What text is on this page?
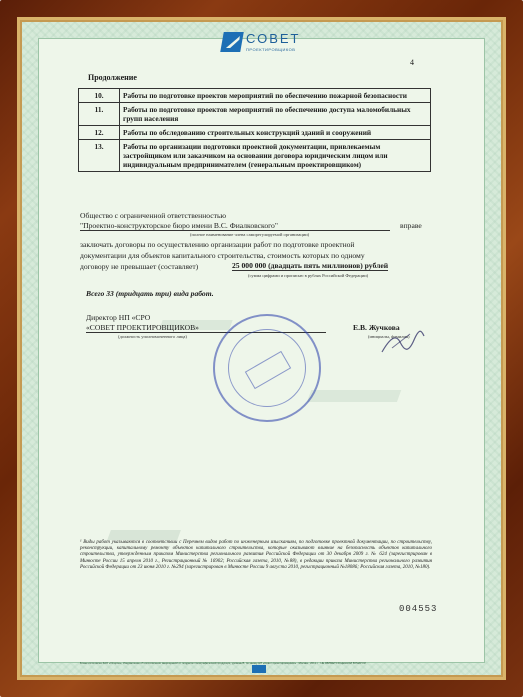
СОВЕТ
ПРОЕКТИРОВЩИКОВ
4
Продолжение
10.	Работы по подготовке проектов мероприятий по обеспечению пожарной безопасности
11.	Работы по подготовке проектов мероприятий по обеспечению доступа маломобильных групп населения
12.	Работы по обследованию строительных конструкций зданий и сооружений
13.	Работы по организации подготовки проектной документации, привлекаемым застройщиком или заказчиком на основании договора юридическим лицом или индивидуальным предпринимателем (генеральным проектировщиком)
Общество с ограниченной ответственностью
"Проектно-конструкторское бюро имени В.С. Фиалковского"	вправе
(полное наименование члена саморегулируемой организации)
заключать договоры по осуществлению организации работ по подготовке проектной
документации для объектов капитального строительства, стоимость которых по одному
договору не превышает (составляет)	25 000 000 (двадцать пять миллионов) рублей
(сумма цифрами и прописью в рублях Российской Федерации)
Всего 33 (тридцать три) вида работ.
Директор НП «СРО
«СОВЕТ ПРОЕКТИРОВЩИКОВ»
(должность уполномоченного лица)
Е.В. Жучкова
(инициалы, фамилия)
¹ Виды работ указываются в соответствии с Перечнем видов работ по инженерным изысканиям, по подготовке проектной документации, по строительству, реконструкции, капитальному ремонту объектов капитального строительства, которые оказывают влияние на безопасность объектов капитального строительства, утвержденным приказом Министерства регионального развития Российской Федерации от 30 декабря 2009 г. № 624 (зарегистрирован в Минюсте России 15 апреля 2010 г., Регистрационный № 16902; Российская газета, 2010, №88), в редакции приказа Министерства регионального развития Российской Федерации от 23 июня 2010 г. №294 (зарегистрирован в Минюсте России 9 августа 2010, регистрационный №18086; Российская газета, 2010, №180).
004553
Бланк изготовлен ЗАО «Опцион», Уведомление об изготовлении защищенной от подделок полиграфической продукции, уровень В, по заказу НП «Совет проектировщиков» · Москва · 2011 г. · НЕ ЯВЛЯЕТСЯ ЦЕННОЙ БУМАГОЙ
